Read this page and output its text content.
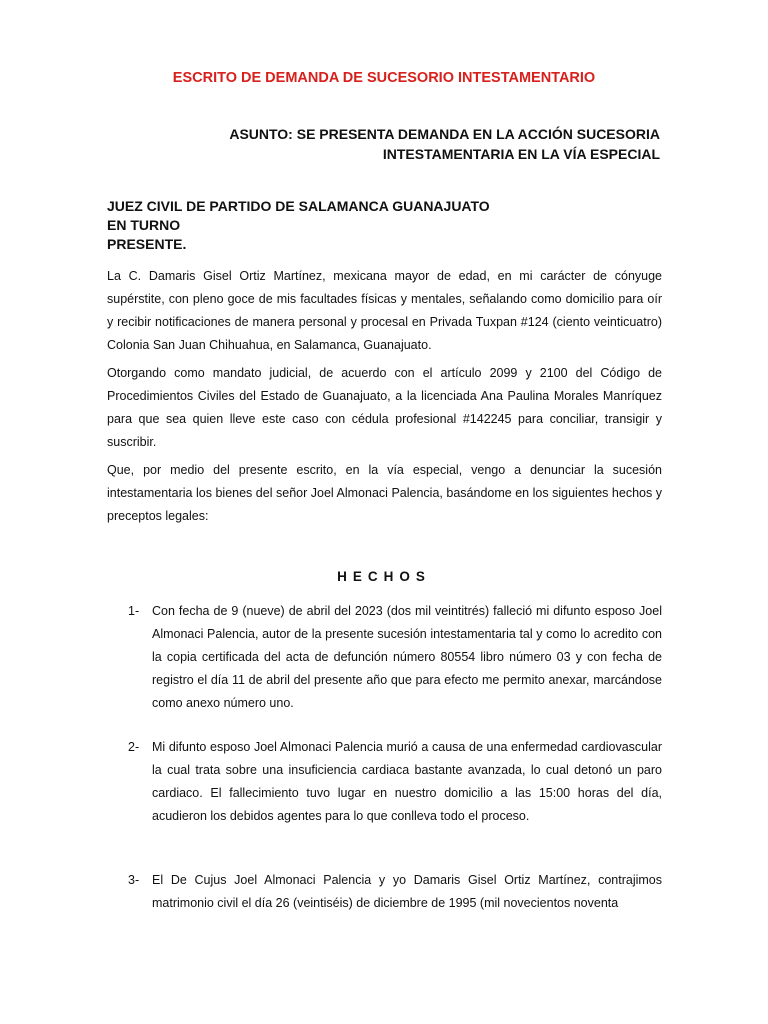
ESCRITO DE DEMANDA DE SUCESORIO INTESTAMENTARIO
ASUNTO: SE PRESENTA DEMANDA EN LA ACCIÓN SUCESORIA
INTESTAMENTARIA EN LA VÍA ESPECIAL
JUEZ CIVIL DE PARTIDO DE SALAMANCA GUANAJUATO
EN TURNO
PRESENTE.
La C. Damaris Gisel Ortiz Martínez, mexicana mayor de edad, en mi carácter de cónyuge supérstite, con pleno goce de mis facultades físicas y mentales, señalando como domicilio para oír y recibir notificaciones de manera personal y procesal en Privada Tuxpan #124 (ciento veinticuatro) Colonia San Juan Chihuahua, en Salamanca, Guanajuato.
Otorgando como mandato judicial, de acuerdo con el artículo 2099 y 2100 del Código de Procedimientos Civiles del Estado de Guanajuato, a la licenciada Ana Paulina Morales Manríquez para que sea quien lleve este caso con cédula profesional #142245 para conciliar, transigir y suscribir.
Que, por medio del presente escrito, en la vía especial, vengo a denunciar la sucesión intestamentaria los bienes del señor Joel Almonaci Palencia, basándome en los siguientes hechos y preceptos legales:
HECHOS
1-	Con fecha de 9 (nueve) de abril del 2023 (dos mil veintitrés) falleció mi difunto esposo Joel Almonaci Palencia, autor de la presente sucesión intestamentaria tal y como lo acredito con la copia certificada del acta de defunción número 80554 libro número 03 y con fecha de registro el día 11 de abril del presente año que para efecto me permito anexar, marcándose como anexo número uno.
2-	Mi difunto esposo Joel Almonaci Palencia murió a causa de una enfermedad cardiovascular la cual trata sobre una insuficiencia cardiaca bastante avanzada, lo cual detonó un paro cardiaco. El fallecimiento tuvo lugar en nuestro domicilio a las 15:00 horas del día, acudieron los debidos agentes para lo que conlleva todo el proceso.
3-	El De Cujus Joel Almonaci Palencia y yo Damaris Gisel Ortiz Martínez, contrajimos matrimonio civil el día 26 (veintiséis) de diciembre de 1995 (mil novecientos noventa
